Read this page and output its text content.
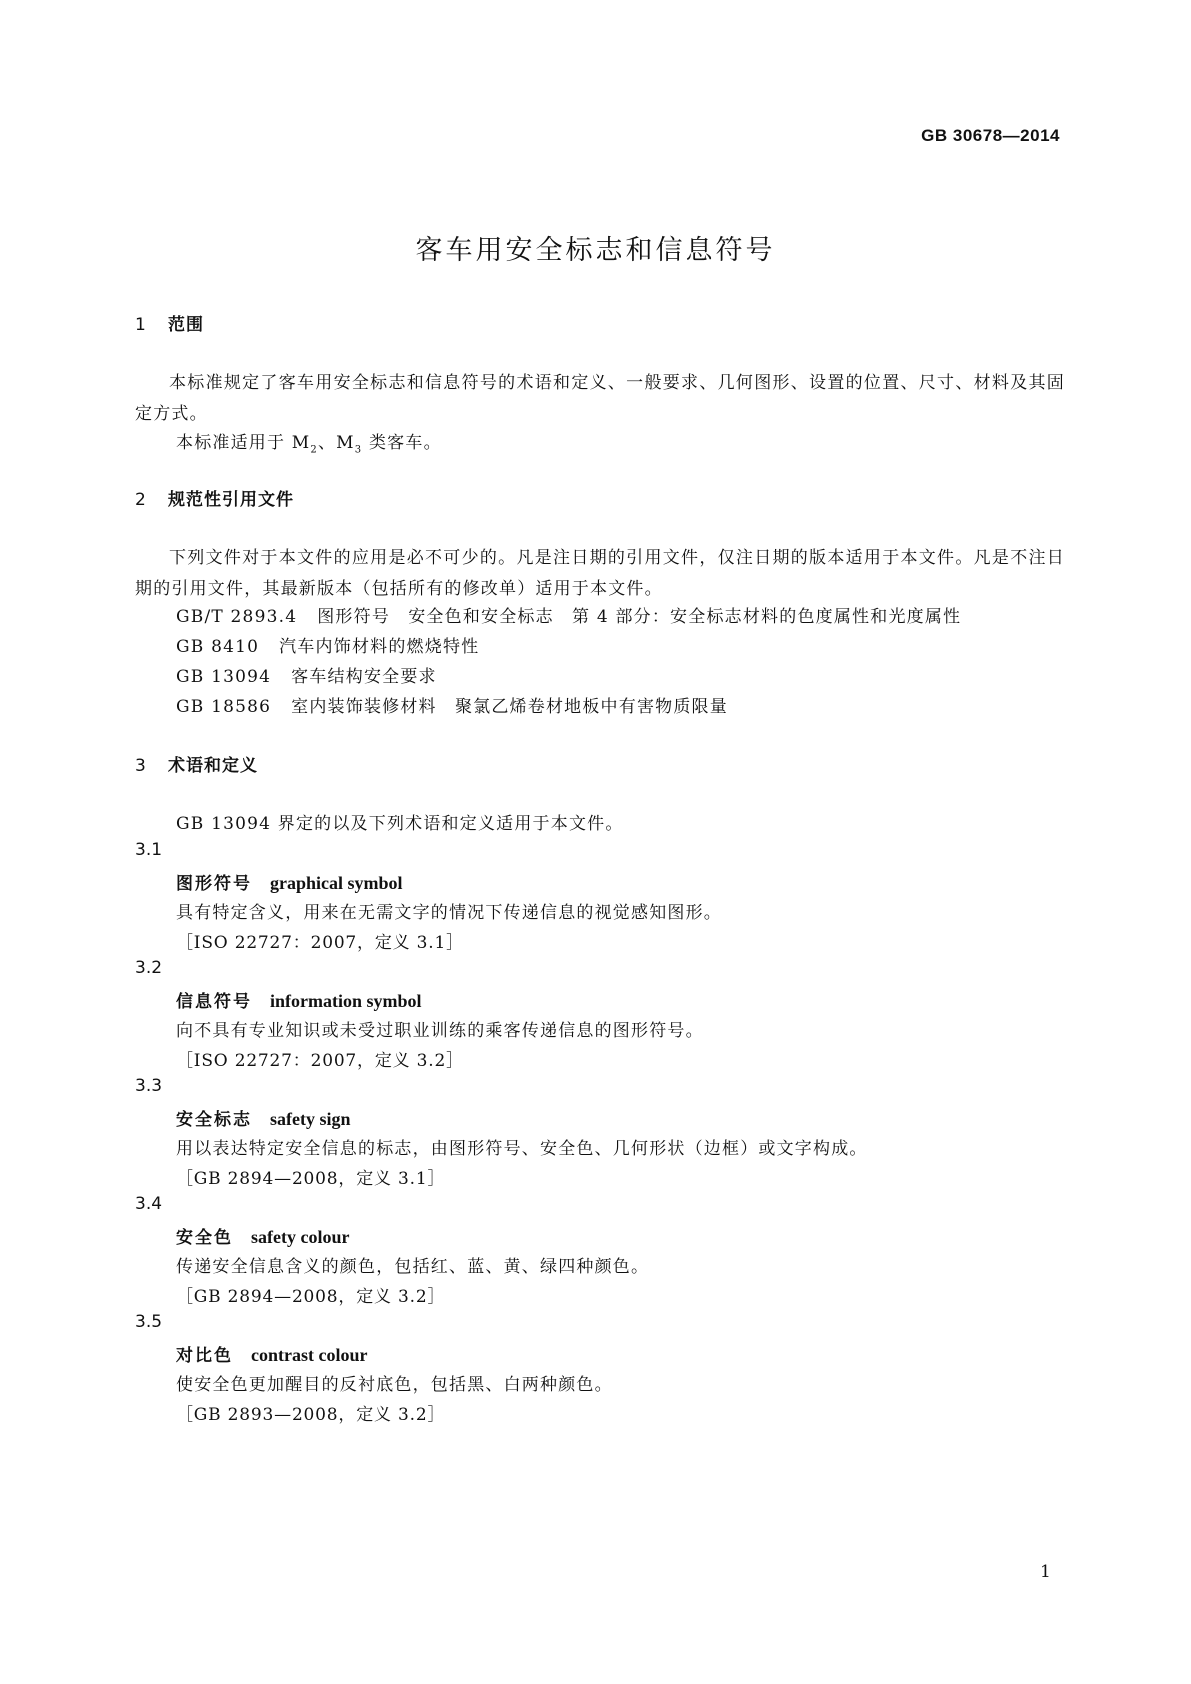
GB 30678—2014
客车用安全标志和信息符号
1 范围
本标准规定了客车用安全标志和信息符号的术语和定义、一般要求、几何图形、设置的位置、尺寸、材料及其固定方式。
本标准适用于 $M_2$、$M_3$ 类客车。
2 规范性引用文件
下列文件对于本文件的应用是必不可少的。凡是注日期的引用文件，仅注日期的版本适用于本文件。凡是不注日期的引用文件，其最新版本（包括所有的修改单）适用于本文件。
GB/T 2893.4 图形符号　安全色和安全标志　第 4 部分：安全标志材料的色度属性和光度属性
GB 8410 汽车内饰材料的燃烧特性
GB 13094 客车结构安全要求
GB 18586 室内装饰装修材料　聚氯乙烯卷材地板中有害物质限量
3 术语和定义
GB 13094 界定的以及下列术语和定义适用于本文件。
3.1
图形符号 graphical symbol
具有特定含义，用来在无需文字的情况下传递信息的视觉感知图形。
［ISO 22727：2007，定义 3.1］
3.2
信息符号 information symbol
向不具有专业知识或未受过职业训练的乘客传递信息的图形符号。
［ISO 22727：2007，定义 3.2］
3.3
安全标志 safety sign
用以表达特定安全信息的标志，由图形符号、安全色、几何形状（边框）或文字构成。
［GB 2894—2008，定义 3.1］
3.4
安全色 safety colour
传递安全信息含义的颜色，包括红、蓝、黄、绿四种颜色。
［GB 2894—2008，定义 3.2］
3.5
对比色 contrast colour
使安全色更加醒目的反衬底色，包括黑、白两种颜色。
［GB 2893—2008，定义 3.2］
1
